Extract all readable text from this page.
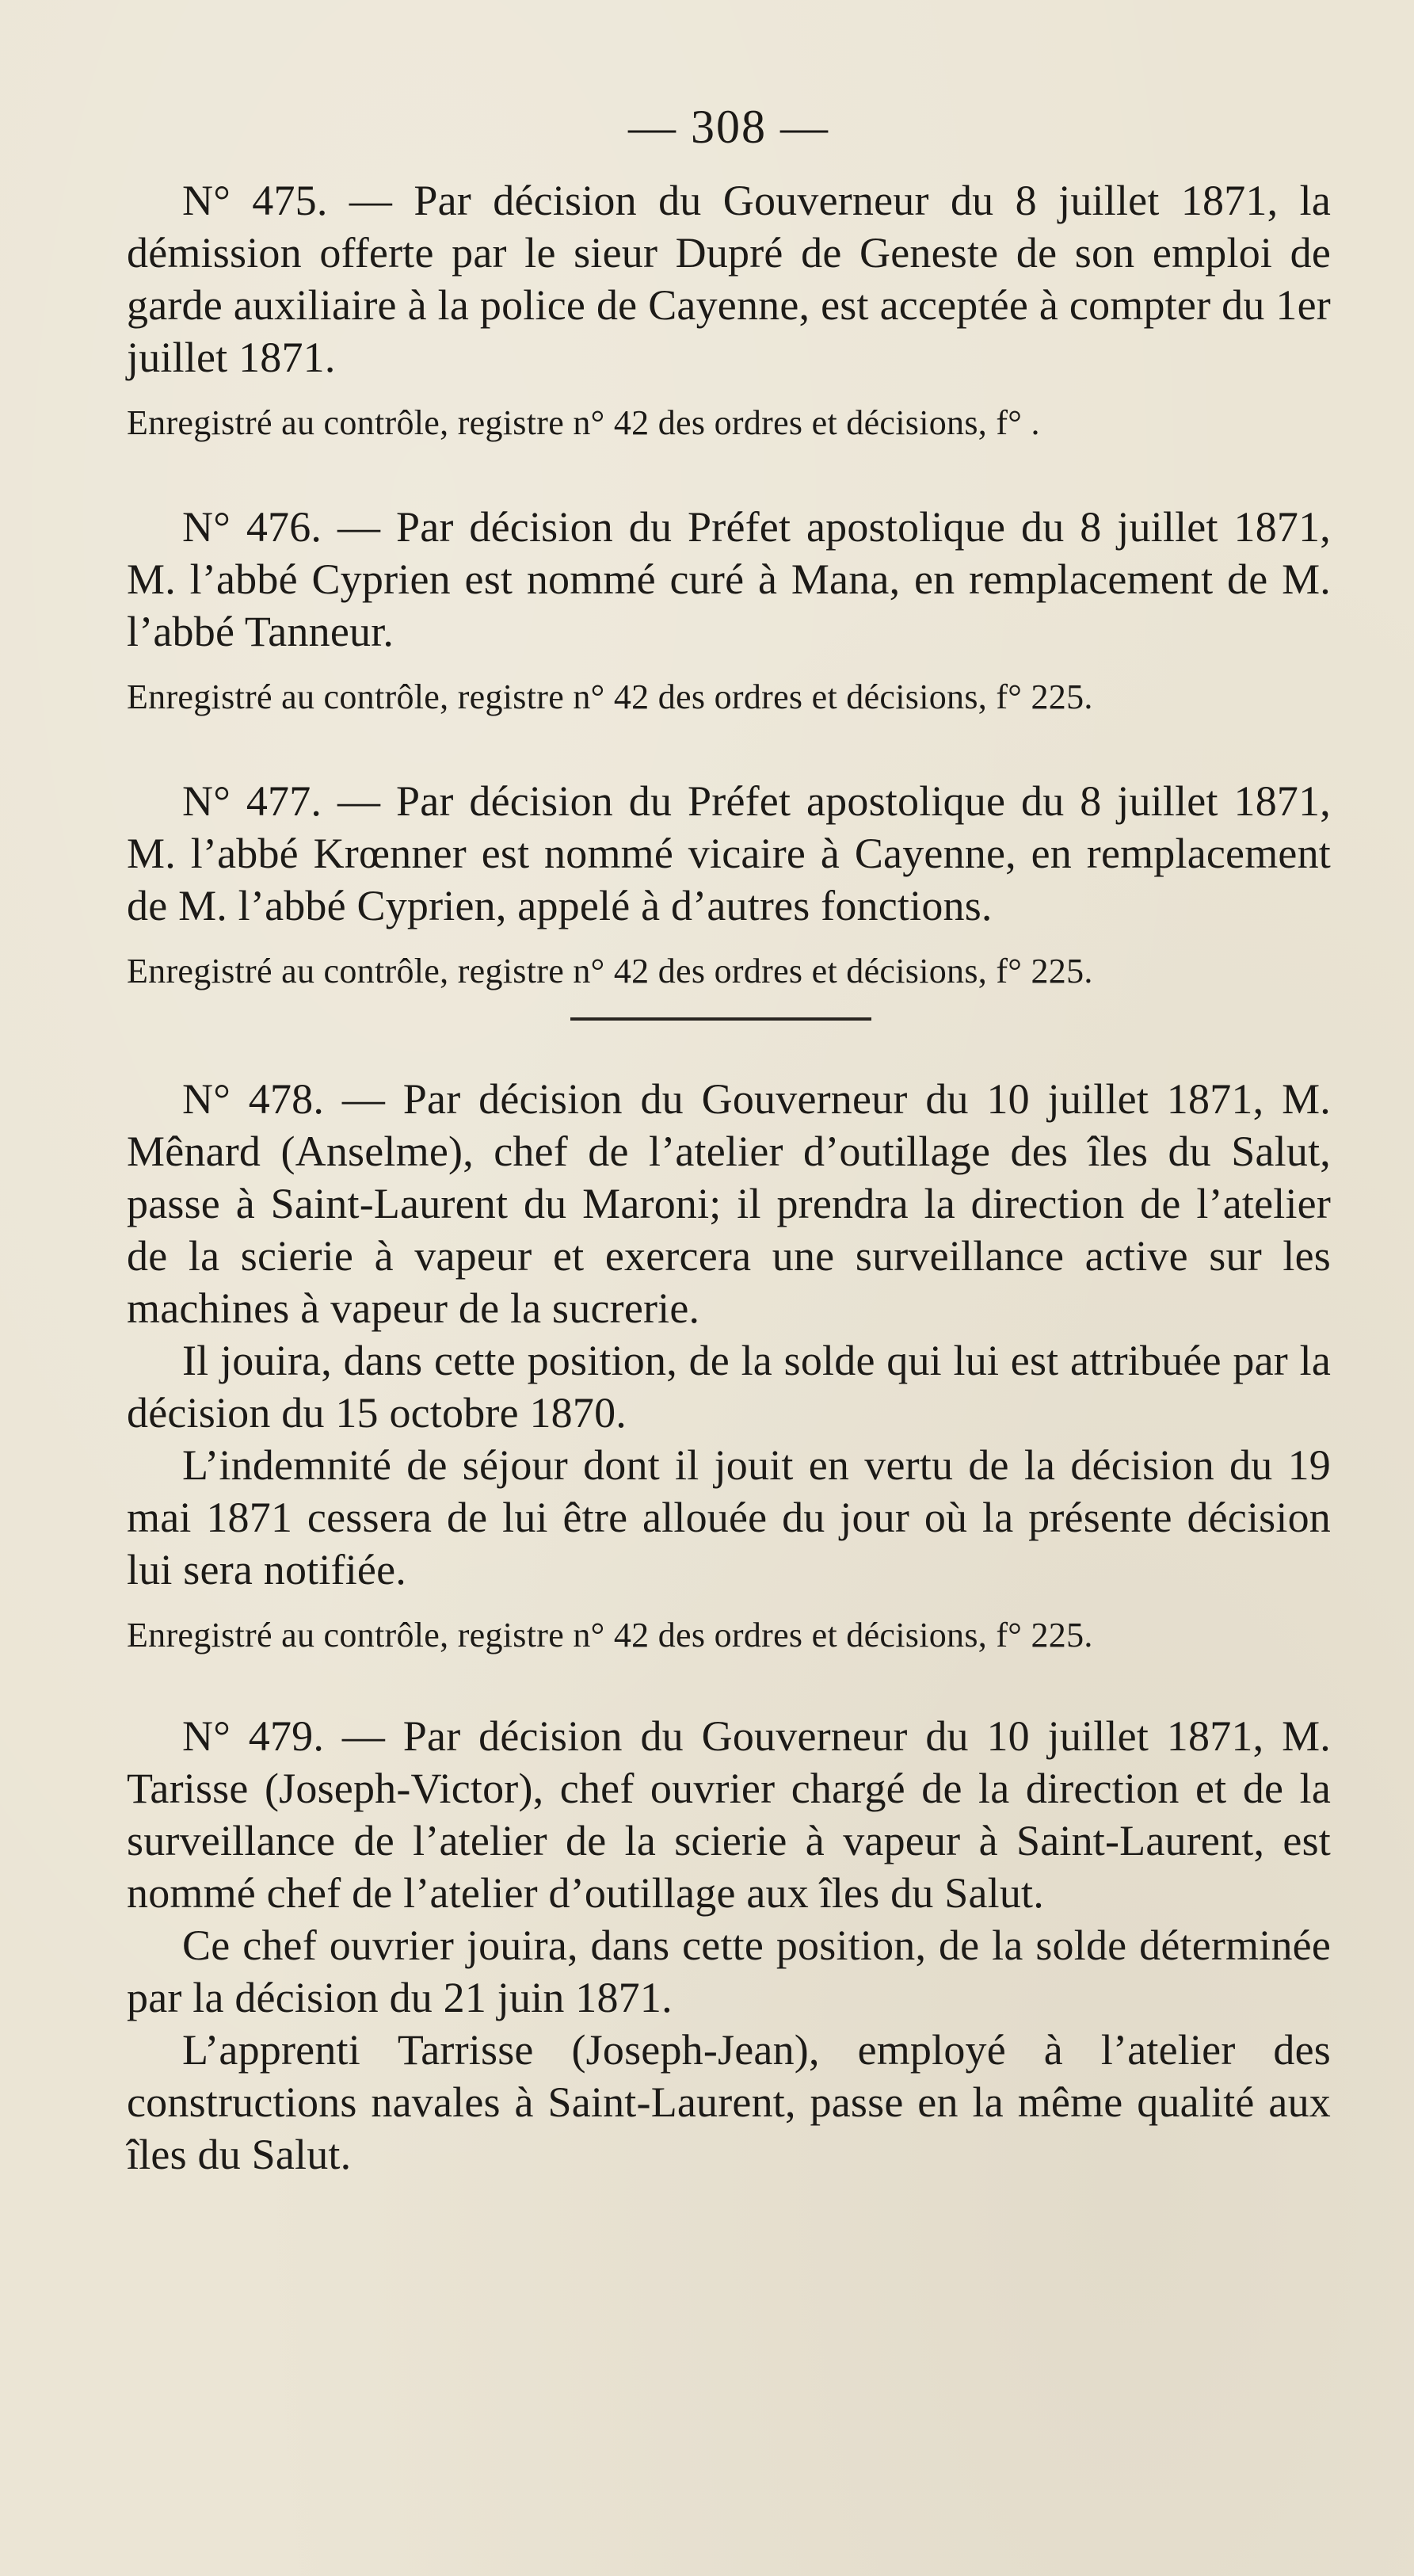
— 308 —

N° 475. — Par décision du Gouverneur du 8 juillet 1871, la démission offerte par le sieur Dupré de Geneste de son emploi de garde auxiliaire à la police de Cayenne, est acceptée à compter du 1er juillet 1871.

Enregistré au contrôle, registre n° 42 des ordres et décisions, f° .

N° 476. — Par décision du Préfet apostolique du 8 juillet 1871, M. l’abbé Cyprien est nommé curé à Mana, en remplacement de M. l’abbé Tanneur.

Enregistré au contrôle, registre n° 42 des ordres et décisions, f° 225.

N° 477. — Par décision du Préfet apostolique du 8 juillet 1871, M. l’abbé Krœnner est nommé vicaire à Cayenne, en remplacement de M. l’abbé Cyprien, appelé à d’autres fonctions.

Enregistré au contrôle, registre n° 42 des ordres et décisions, f° 225.

N° 478. — Par décision du Gouverneur du 10 juillet 1871, M. Mênard (Anselme), chef de l’atelier d’outillage des îles du Salut, passe à Saint-Laurent du Maroni; il prendra la direction de l’atelier de la scierie à vapeur et exercera une surveillance active sur les machines à vapeur de la sucrerie.

Il jouira, dans cette position, de la solde qui lui est attribuée par la décision du 15 octobre 1870.

L’indemnité de séjour dont il jouit en vertu de la décision du 19 mai 1871 cessera de lui être allouée du jour où la présente décision lui sera notifiée.

Enregistré au contrôle, registre n° 42 des ordres et décisions, f° 225.

N° 479. — Par décision du Gouverneur du 10 juillet 1871, M. Tarisse (Joseph-Victor), chef ouvrier chargé de la direction et de la surveillance de l’atelier de la scierie à vapeur à Saint-Laurent, est nommé chef de l’atelier d’outillage aux îles du Salut.

Ce chef ouvrier jouira, dans cette position, de la solde déterminée par la décision du 21 juin 1871.

L’apprenti Tarrisse (Joseph-Jean), employé à l’atelier des constructions navales à Saint-Laurent, passe en la même qualité aux îles du Salut.
